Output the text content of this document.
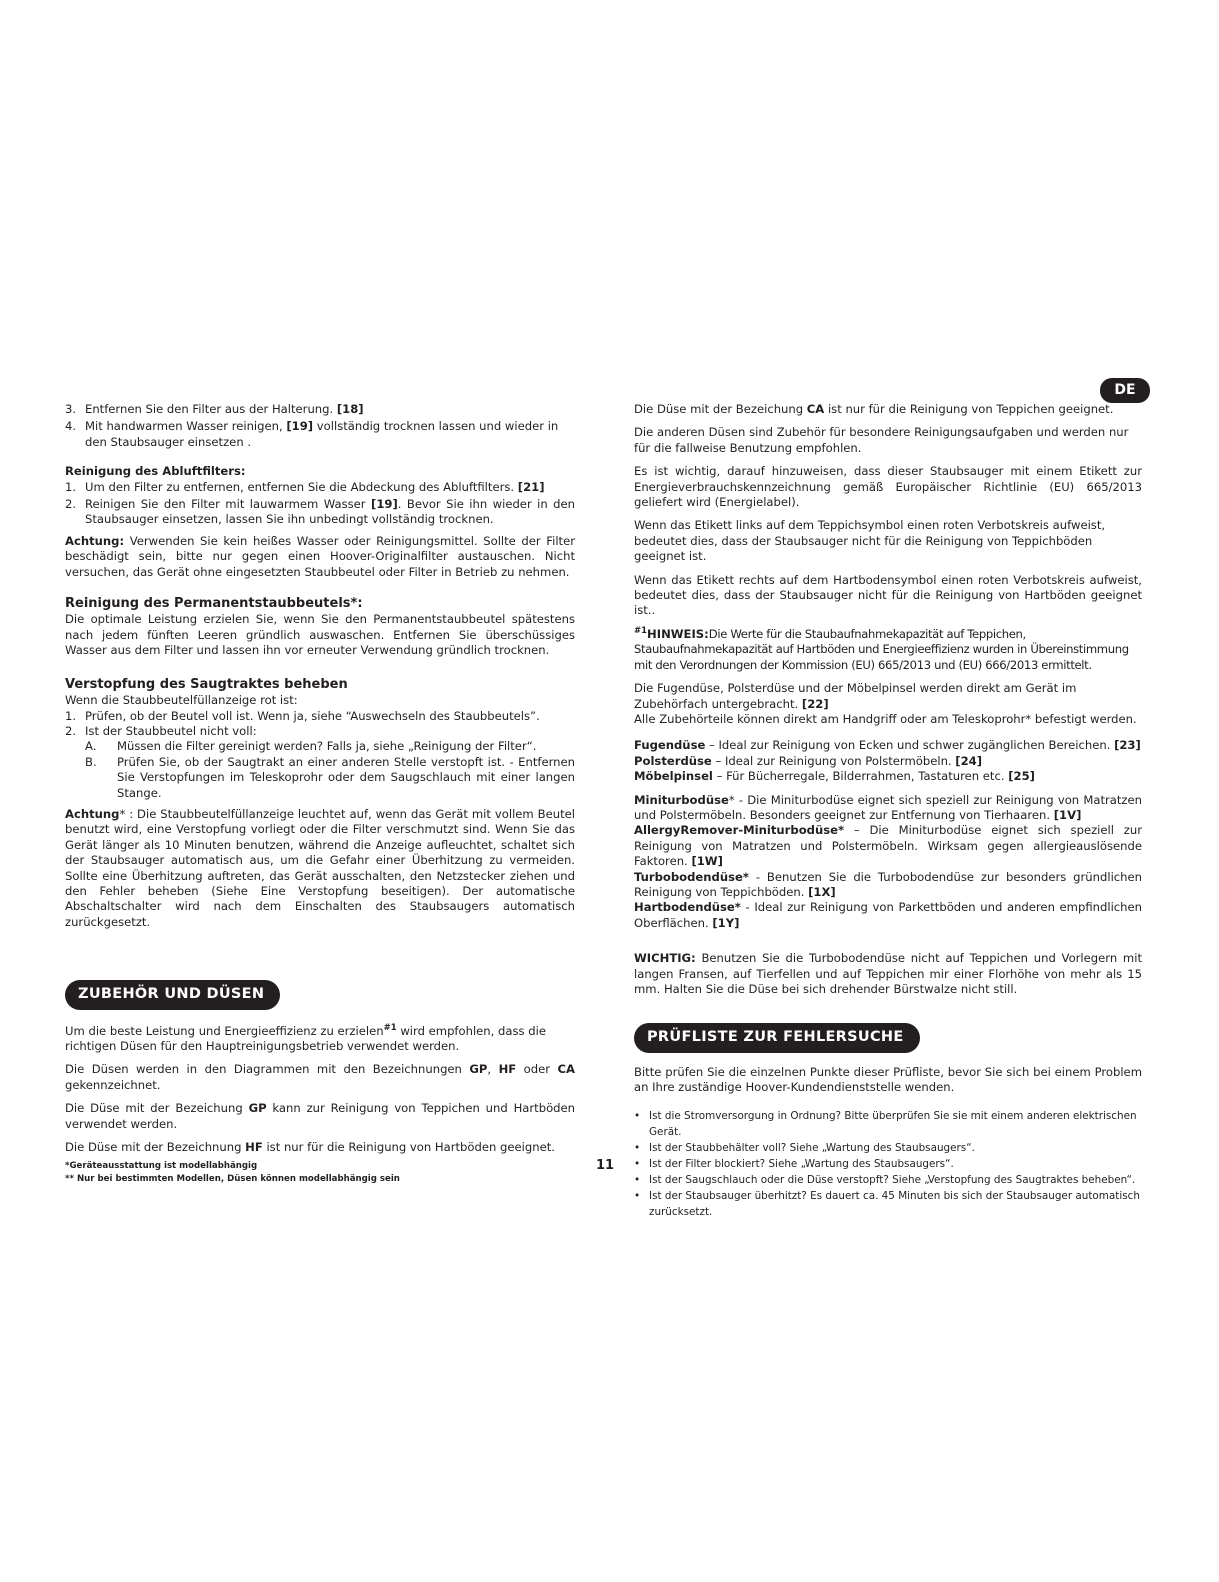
DE
3. Entfernen Sie den Filter aus der Halterung. [18]
4. Mit handwarmen Wasser reinigen, [19] vollständig trocknen lassen und wieder in den Staubsauger einsetzen .

Reinigung des Abluftfilters:

1. Um den Filter zu entfernen, entfernen Sie die Abdeckung des Abluftfilters. [21]
2. Reinigen Sie den Filter mit lauwarmem Wasser [19]. Bevor Sie ihn wieder in den Staubsauger einsetzen, lassen Sie ihn unbedingt vollständig trocknen.

Achtung: Verwenden Sie kein heißes Wasser oder Reinigungsmittel. Sollte der Filter beschädigt sein, bitte nur gegen einen Hoover-Originalfilter austauschen. Nicht versuchen, das Gerät ohne eingesetzten Staubbeutel oder Filter in Betrieb zu nehmen.

Reinigung des Permanentstaubbeutels*:

Die optimale Leistung erzielen Sie, wenn Sie den Permanentstaubbeutel spätestens nach jedem fünften Leeren gründlich auswaschen. Entfernen Sie überschüssiges Wasser aus dem Filter und lassen ihn vor erneuter Verwendung gründlich trocknen.

Verstopfung des Saugtraktes beheben

Wenn die Staubbeutelfüllanzeige rot ist:

1. Prüfen, ob der Beutel voll ist. Wenn ja, siehe “Auswechseln des Staubbeutels”.
2. Ist der Staubbeutel nicht voll:
A. Müssen die Filter gereinigt werden? Falls ja, siehe „Reinigung der Filter“.
B. Prüfen Sie, ob der Saugtrakt an einer anderen Stelle verstopft ist. - Entfernen Sie Verstopfungen im Teleskoprohr oder dem Saugschlauch mit einer langen Stange.

Achtung* : Die Staubbeutelfüllanzeige leuchtet auf, wenn das Gerät mit vollem Beutel benutzt wird, eine Verstopfung vorliegt oder die Filter verschmutzt sind. Wenn Sie das Gerät länger als 10 Minuten benutzen, während die Anzeige aufleuchtet, schaltet sich der Staubsauger automatisch aus, um die Gefahr einer Überhitzung zu vermeiden. Sollte eine Überhitzung auftreten, das Gerät ausschalten, den Netzstecker ziehen und den Fehler beheben (Siehe Eine Verstopfung beseitigen). Der automatische Abschaltschalter wird nach dem Einschalten des Staubsaugers automatisch zurückgesetzt.

ZUBEHÖR UND DÜSEN

Um die beste Leistung und Energieeffizienz zu erzielen$^{\#1}$ wird empfohlen, dass die richtigen Düsen für den Hauptreinigungsbetrieb verwendet werden.

Die Düsen werden in den Diagrammen mit den Bezeichnungen GP, HF oder CA gekennzeichnet.

Die Düse mit der Bezeichung GP kann zur Reinigung von Teppichen und Hartböden verwendet werden.

Die Düse mit der Bezeichnung HF ist nur für die Reinigung von Hartböden geeignet.

*Geräteausstattung ist modellabhängig
** Nur bei bestimmten Modellen, Düsen können modellabhängig sein
11

Die Düse mit der Bezeichung CA ist nur für die Reinigung von Teppichen geeignet.

Die anderen Düsen sind Zubehör für besondere Reinigungsaufgaben und werden nur für die fallweise Benutzung empfohlen.

Es ist wichtig, darauf hinzuweisen, dass dieser Staubsauger mit einem Etikett zur Energieverbrauchskennzeichnung gemäß Europäischer Richtlinie (EU) 665/2013 geliefert wird (Energielabel).

Wenn das Etikett links auf dem Teppichsymbol einen roten Verbotskreis aufweist, bedeutet dies, dass der Staubsauger nicht für die Reinigung von Teppichböden geeignet ist.

Wenn das Etikett rechts auf dem Hartbodensymbol einen roten Verbotskreis aufweist, bedeutet dies, dass der Staubsauger nicht für die Reinigung von Hartböden geeignet ist..

$^{\#1}$HINWEIS:Die Werte für die Staubaufnahmekapazität auf Teppichen, Staubaufnahmekapazität auf Hartböden und Energieeffizienz wurden in Übereinstimmung mit den Verordnungen der Kommission (EU) 665/2013 und (EU) 666/2013 ermittelt.

Die Fugendüse, Polsterdüse und der Möbelpinsel werden direkt am Gerät im Zubehörfach untergebracht. [22]
Alle Zubehörteile können direkt am Handgriff oder am Teleskoprohr* befestigt werden.

Fugendüse – Ideal zur Reinigung von Ecken und schwer zugänglichen Bereichen. [23]
Polsterdüse – Ideal zur Reinigung von Polstermöbeln. [24]
Möbelpinsel – Für Bücherregale, Bilderrahmen, Tastaturen etc. [25]
Miniturbodüse* - Die Miniturbodüse eignet sich speziell zur Reinigung von Matratzen und Polstermöbeln. Besonders geeignet zur Entfernung von Tierhaaren. [1V]
AllergyRemover-Miniturbodüse* – Die Miniturbodüse eignet sich speziell zur Reinigung von Matratzen und Polstermöbeln. Wirksam gegen allergieauslösende Faktoren. [1W]
Turbobodendüse* - Benutzen Sie die Turbobodendüse zur besonders gründlichen Reinigung von Teppichböden. [1X]
Hartbodendüse* - Ideal zur Reinigung von Parkettböden und anderen empfindlichen Oberflächen. [1Y]

WICHTIG: Benutzen Sie die Turbobodendüse nicht auf Teppichen und Vorlegern mit langen Fransen, auf Tierfellen und auf Teppichen mir einer Florhöhe von mehr als 15 mm. Halten Sie die Düse bei sich drehender Bürstwalze nicht still.

PRÜFLISTE ZUR FEHLERSUCHE

Bitte prüfen Sie die einzelnen Punkte dieser Prüfliste, bevor Sie sich bei einem Problem an Ihre zuständige Hoover-Kundendienststelle wenden.

• Ist die Stromversorgung in Ordnung? Bitte überprüfen Sie sie mit einem anderen elektrischen Gerät.
• Ist der Staubbehälter voll? Siehe „Wartung des Staubsaugers“.
• Ist der Filter blockiert? Siehe „Wartung des Staubsaugers“.
• Ist der Saugschlauch oder die Düse verstopft? Siehe „Verstopfung des Saugtraktes beheben“.
• Ist der Staubsauger überhitzt? Es dauert ca. 45 Minuten bis sich der Staubsauger automatisch zurücksetzt.
